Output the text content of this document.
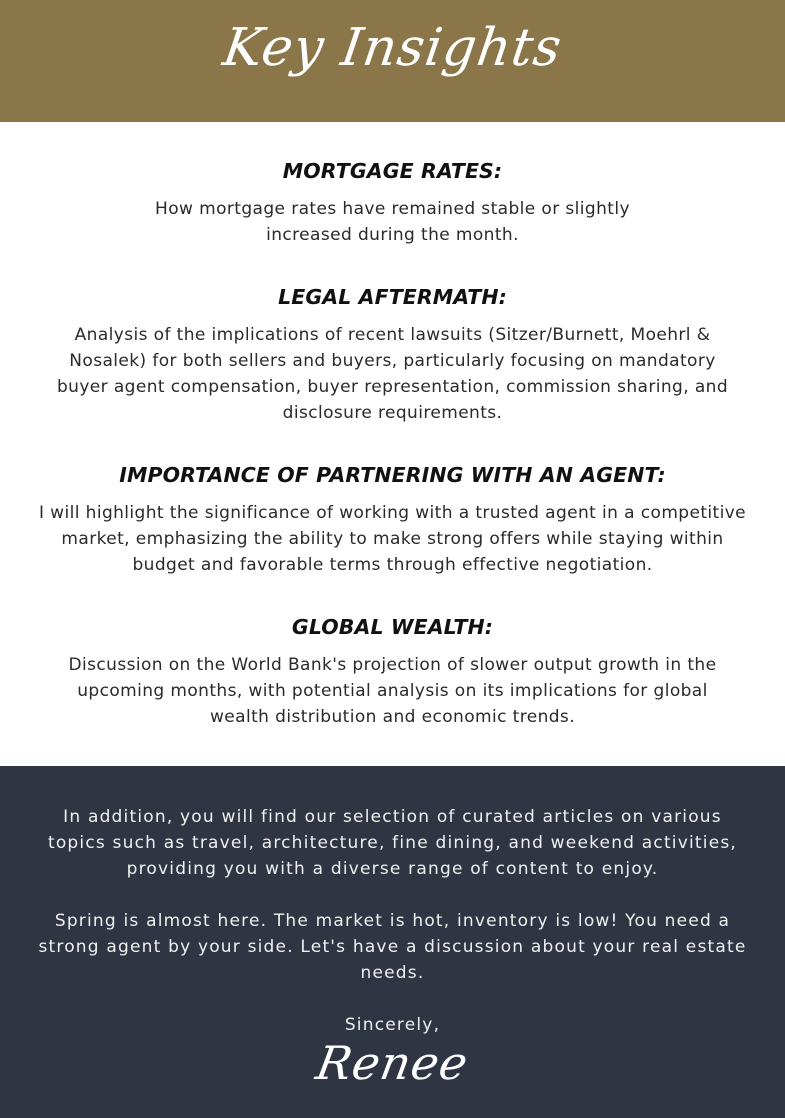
Key Insights
MORTGAGE RATES:

How mortgage rates have remained stable or slightly increased during the month.

LEGAL AFTERMATH:

Analysis of the implications of recent lawsuits (Sitzer/Burnett, Moehrl & Nosalek) for both sellers and buyers, particularly focusing on mandatory buyer agent compensation, buyer representation, commission sharing, and disclosure requirements.

IMPORTANCE OF PARTNERING WITH AN AGENT:

I will highlight the significance of working with a trusted agent in a competitive market, emphasizing the ability to make strong offers while staying within budget and favorable terms through effective negotiation.

GLOBAL WEALTH:

Discussion on the World Bank's projection of slower output growth in the upcoming months, with potential analysis on its implications for global wealth distribution and economic trends.

In addition, you will find our selection of curated articles on various topics such as travel, architecture, fine dining, and weekend activities, providing you with a diverse range of content to enjoy.

Spring is almost here. The market is hot, inventory is low! You need a strong agent by your side. Let's have a discussion about your real estate needs.

Sincerely,

Renee
